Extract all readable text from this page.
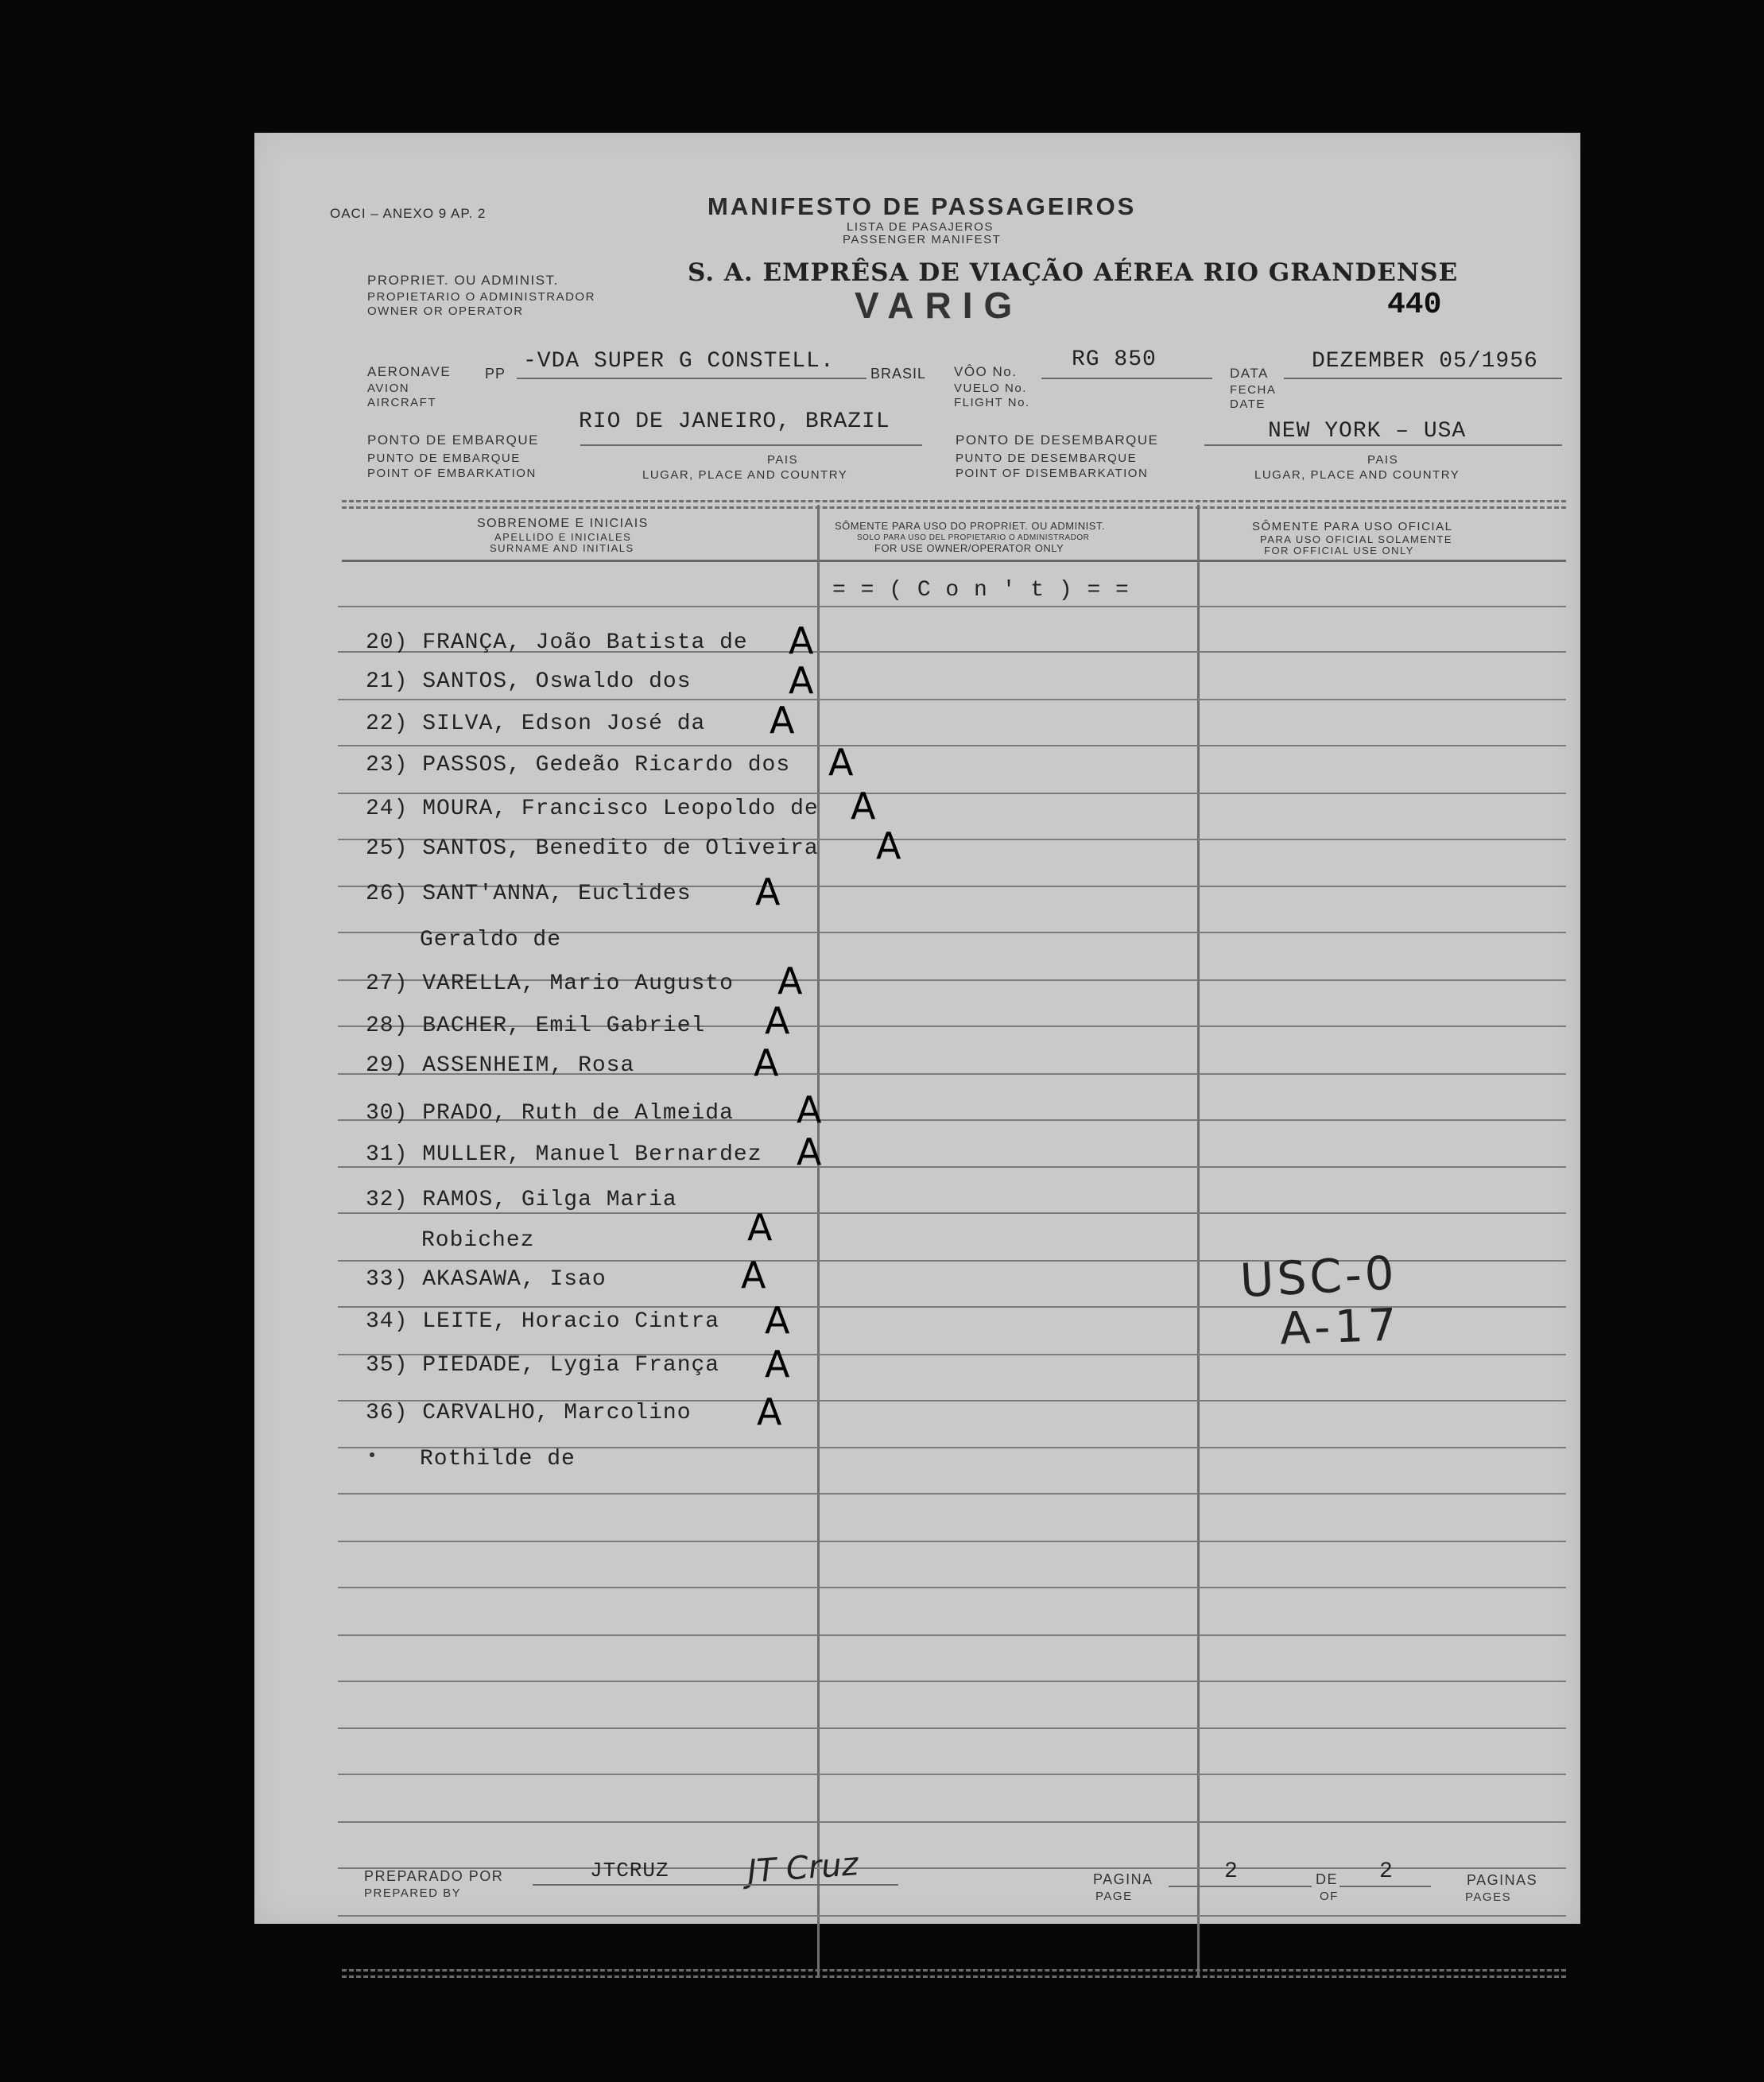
OACI – ANEXO 9 AP. 2	MANIFESTO DE PASSAGEIROS
LISTA DE PASAJEROS
PASSENGER MANIFEST
PROPRIET. OU ADMINIST.
PROPIETARIO O ADMINISTRADOR
OWNER OR OPERATOR
S. A. EMPRÊSA DE VIAÇÃO AÉREA RIO GRANDENSE
VARIG	440
AERONAVE
AVION
AIRCRAFT
PP -VDA SUPER G CONSTELL.	BRASIL VÔO No.
VUELO No.
FLIGHT No.
RG 850
DATA
FECHA
DATE
DEZEMBER 05/1956
RIO DE JANEIRO, BRAZIL
PONTO DE EMBARQUE
PUNTO DE EMBARQUE
POINT OF EMBARKATION
PAIS
LUGAR, PLACE AND COUNTRY
PONTO DE DESEMBARQUE
PUNTO DE DESEMBARQUE
POINT OF DISEMBARKATION
NEW YORK – USA
PAIS
LUGAR, PLACE AND COUNTRY
SOBRENOME E INICIAIS
APELLIDO E INICIALES
SURNAME AND INITIALS
SÔMENTE PARA USO DO PROPRIET. OU ADMINIST.
SOLO PARA USO DEL PROPIETARIO O ADMINISTRADOR
FOR USE OWNER/OPERATOR ONLY
SÔMENTE PARA USO OFICIAL
PARA USO OFICIAL SOLAMENTE
FOR OFFICIAL USE ONLY
= = ( C o n ' t ) = =
20) FRANÇA, João Batista de A
21) SANTOS, Oswaldo dos	A
22) SILVA, Edson José da A
23) PASSOS, Gedeão Ricardo dos A
24) MOURA, Francisco Leopoldo de A
25) SANTOS, Benedito de Oliveira A
26) SANT'ANNA, Euclides A
Geraldo de
27) VARELLA, Mario Augusto A
28) BACHER, Emil Gabriel A
29) ASSENHEIM, Rosa	A
30) PRADO, Ruth de Almeida A
31) MULLER, Manuel Bernardez A
32) RAMOS, Gilga Maria
Robichez	A
33) AKASAWA, Isao	A
34) LEITE, Horacio Cintra A
35) PIEDADE, Lygia França A
36) CARVALHO, Marcolino A
Rothilde de
USC-0
A-17
PREPARADO POR
PREPARED BY
JTCRUZ JT Cruz	PAGINA
PAGE
2	DE
OF
2	PAGINAS
PAGES
